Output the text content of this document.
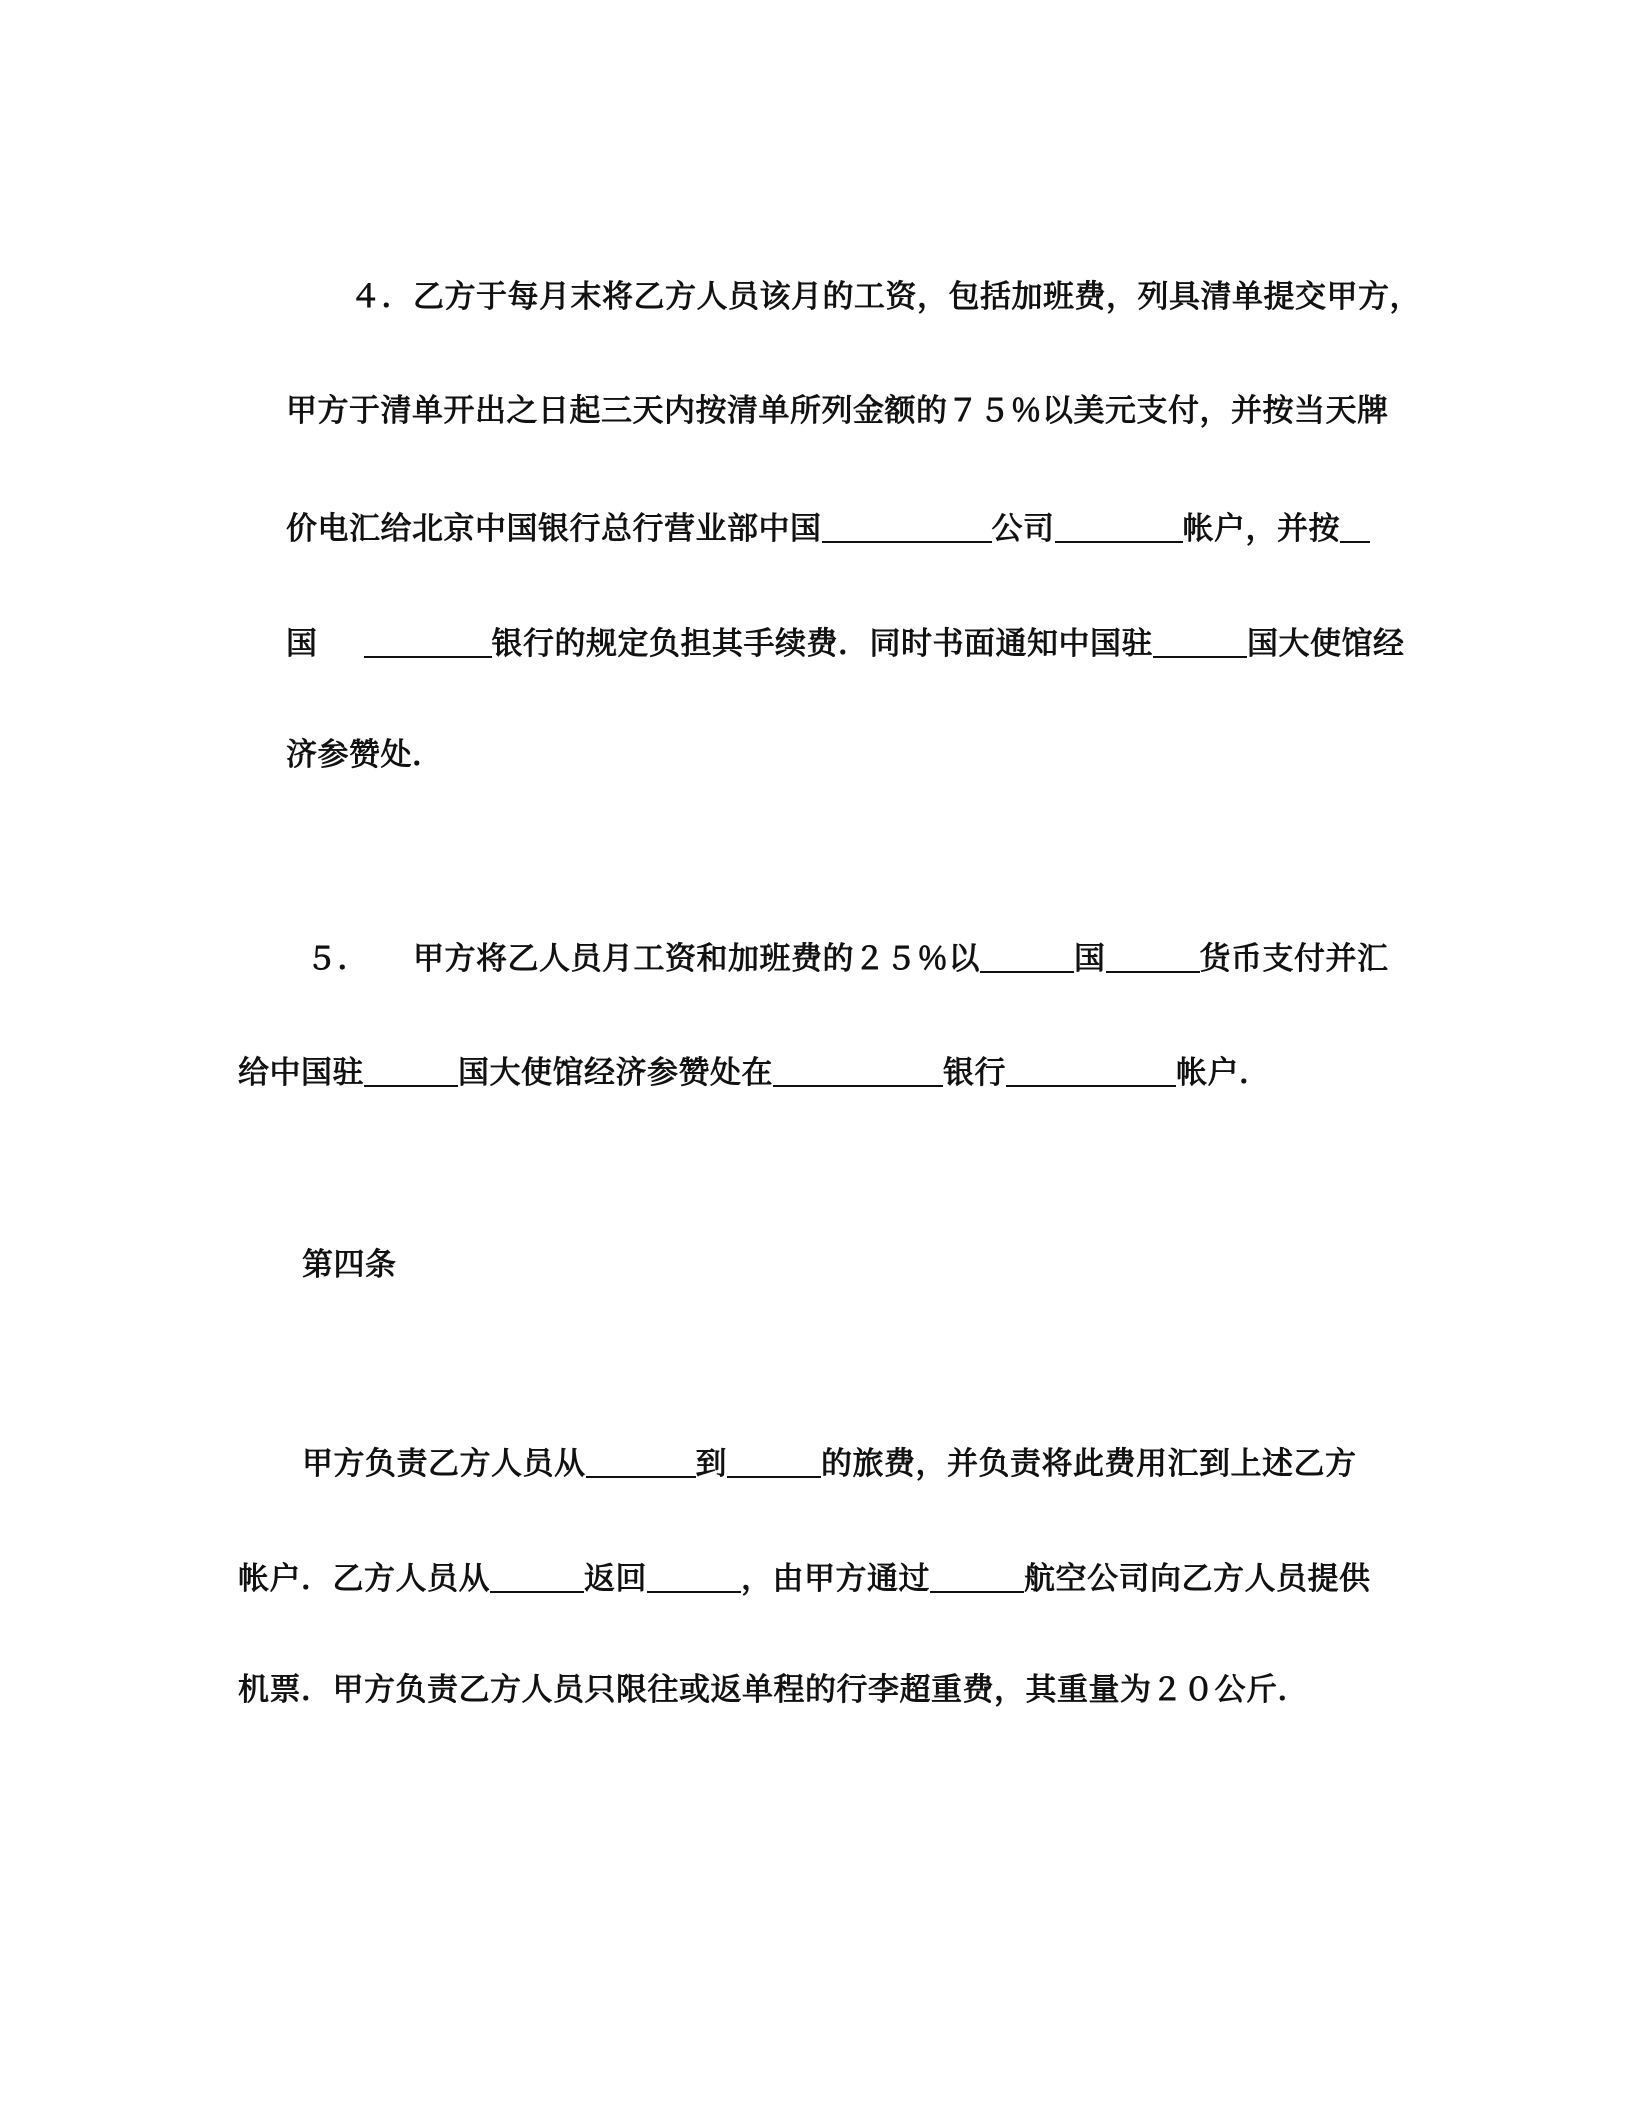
４．乙方于每月末将乙方人员该月的工资，包括加班费，列具清单提交甲方，
甲方于清单开出之日起三天内按清单所列金额的７５％以美元支付，并按当天牌
价电汇给北京中国银行总行营业部中国	公司	帐户，并按
国	银行的规定负担其手续费．同时书面通知中国驻	国大使馆经
济参赞处．
５． 甲方将乙人员月工资和加班费的２５％以	国	货币支付并汇
给中国驻	国大使馆经济参赞处在	银行	帐户．
第四条
甲方负责乙方人员从	到	的旅费，并负责将此费用汇到上述乙方
帐户．乙方人员从	返回	，由甲方通过	航空公司向乙方人员提供
机票．甲方负责乙方人员只限往或返单程的行李超重费，其重量为２０公斤．
